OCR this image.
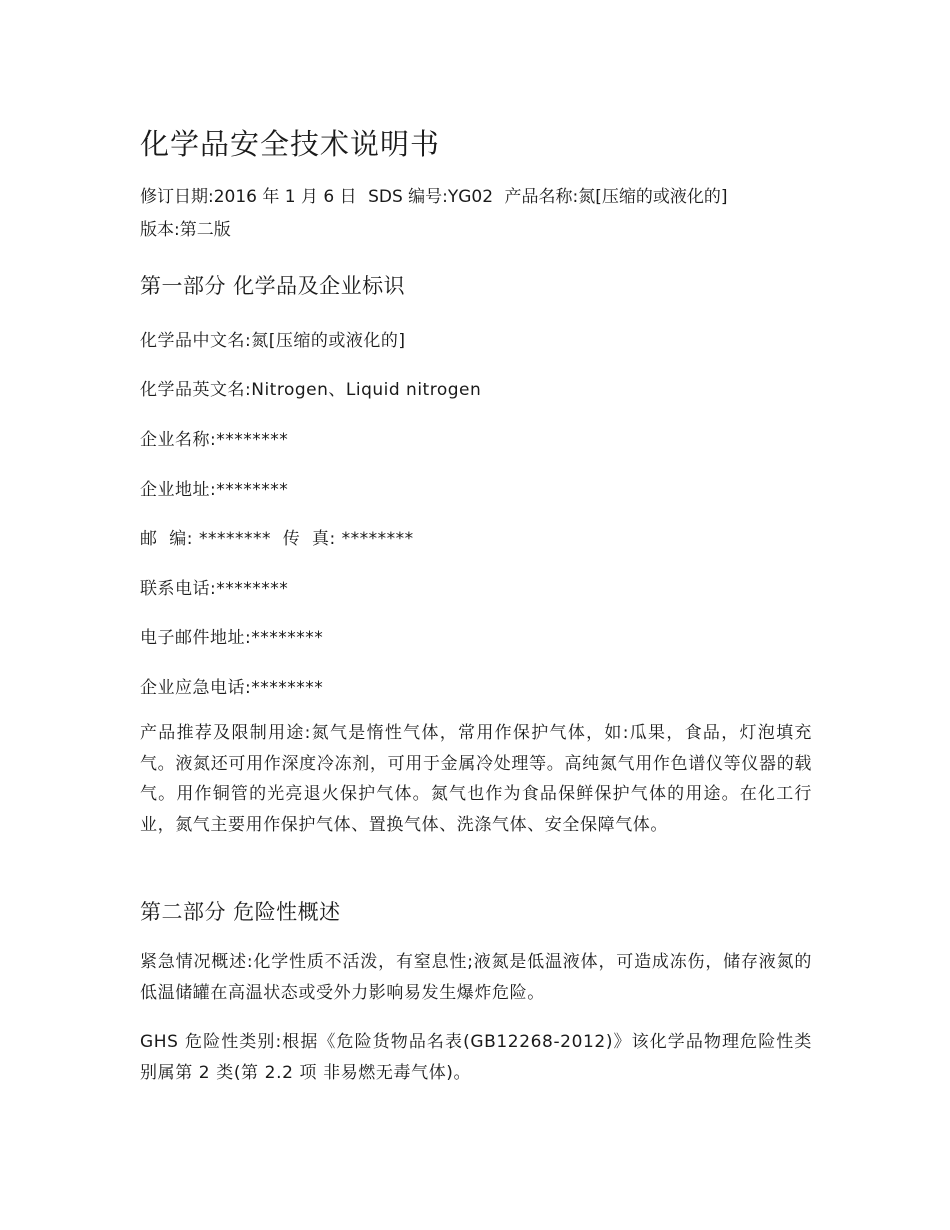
化学品安全技术说明书
修订日期:2016 年 1 月 6 日 SDS 编号:YG02 产品名称:氮[压缩的或液化的]
版本:第二版
第一部分 化学品及企业标识
化学品中文名:氮[压缩的或液化的]
化学品英文名:Nitrogen、Liquid nitrogen
企业名称:********
企业地址:********
邮  编: ********  传  真: ********
联系电话:********
电子邮件地址:********
企业应急电话:********

产品推荐及限制用途:氮气是惰性气体，常用作保护气体，如:瓜果，食品，灯泡填充气。液氮还可用作深度冷冻剂，可用于金属冷处理等。高纯氮气用作色谱仪等仪器的载气。用作铜管的光亮退火保护气体。氮气也作为食品保鲜保护气体的用途。在化工行业，氮气主要用作保护气体、置换气体、洗涤气体、安全保障气体。

第二部分 危险性概述

紧急情况概述:化学性质不活泼，有窒息性;液氮是低温液体，可造成冻伤，储存液氮的低温储罐在高温状态或受外力影响易发生爆炸危险。

GHS 危险性类别:根据《危险货物品名表(GB12268-2012)》该化学品物理危险性类别属第 2 类(第 2.2 项 非易燃无毒气体)。
